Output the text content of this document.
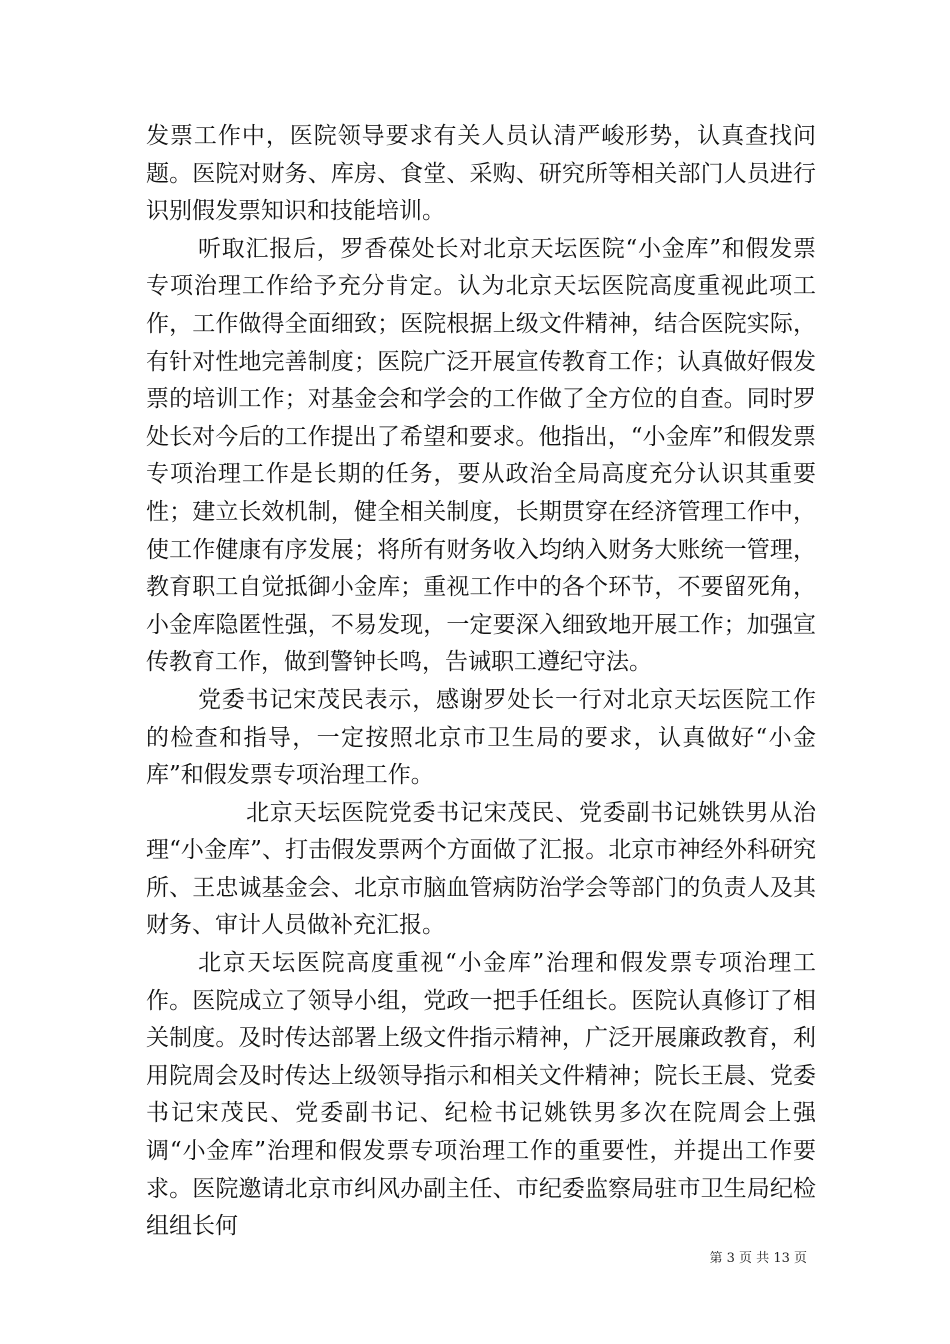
发票工作中，医院领导要求有关人员认清严峻形势，认真查找问题。医院对财务、库房、食堂、采购、研究所等相关部门人员进行识别假发票知识和技能培训。

听取汇报后，罗香葆处长对北京天坛医院“小金库”和假发票专项治理工作给予充分肯定。认为北京天坛医院高度重视此项工作，工作做得全面细致；医院根据上级文件精神，结合医院实际，有针对性地完善制度；医院广泛开展宣传教育工作；认真做好假发票的培训工作；对基金会和学会的工作做了全方位的自查。同时罗处长对今后的工作提出了希望和要求。他指出，“小金库”和假发票专项治理工作是长期的任务，要从政治全局高度充分认识其重要性；建立长效机制，健全相关制度，长期贯穿在经济管理工作中，使工作健康有序发展；将所有财务收入均纳入财务大账统一管理，教育职工自觉抵御小金库；重视工作中的各个环节，不要留死角，小金库隐匿性强，不易发现，一定要深入细致地开展工作；加强宣传教育工作，做到警钟长鸣，告诫职工遵纪守法。

党委书记宋茂民表示，感谢罗处长一行对北京天坛医院工作的检查和指导，一定按照北京市卫生局的要求，认真做好“小金库”和假发票专项治理工作。

北京天坛医院党委书记宋茂民、党委副书记姚铁男从治理“小金库”、打击假发票两个方面做了汇报。北京市神经外科研究所、王忠诚基金会、北京市脑血管病防治学会等部门的负责人及其财务、审计人员做补充汇报。

北京天坛医院高度重视“小金库”治理和假发票专项治理工作。医院成立了领导小组，党政一把手任组长。医院认真修订了相关制度。及时传达部署上级文件指示精神，广泛开展廉政教育，利用院周会及时传达上级领导指示和相关文件精神；院长王晨、党委书记宋茂民、党委副书记、纪检书记姚铁男多次在院周会上强调“小金库”治理和假发票专项治理工作的重要性，并提出工作要求。医院邀请北京市纠风办副主任、市纪委监察局驻市卫生局纪检组组长何

第 3 页 共 13 页
